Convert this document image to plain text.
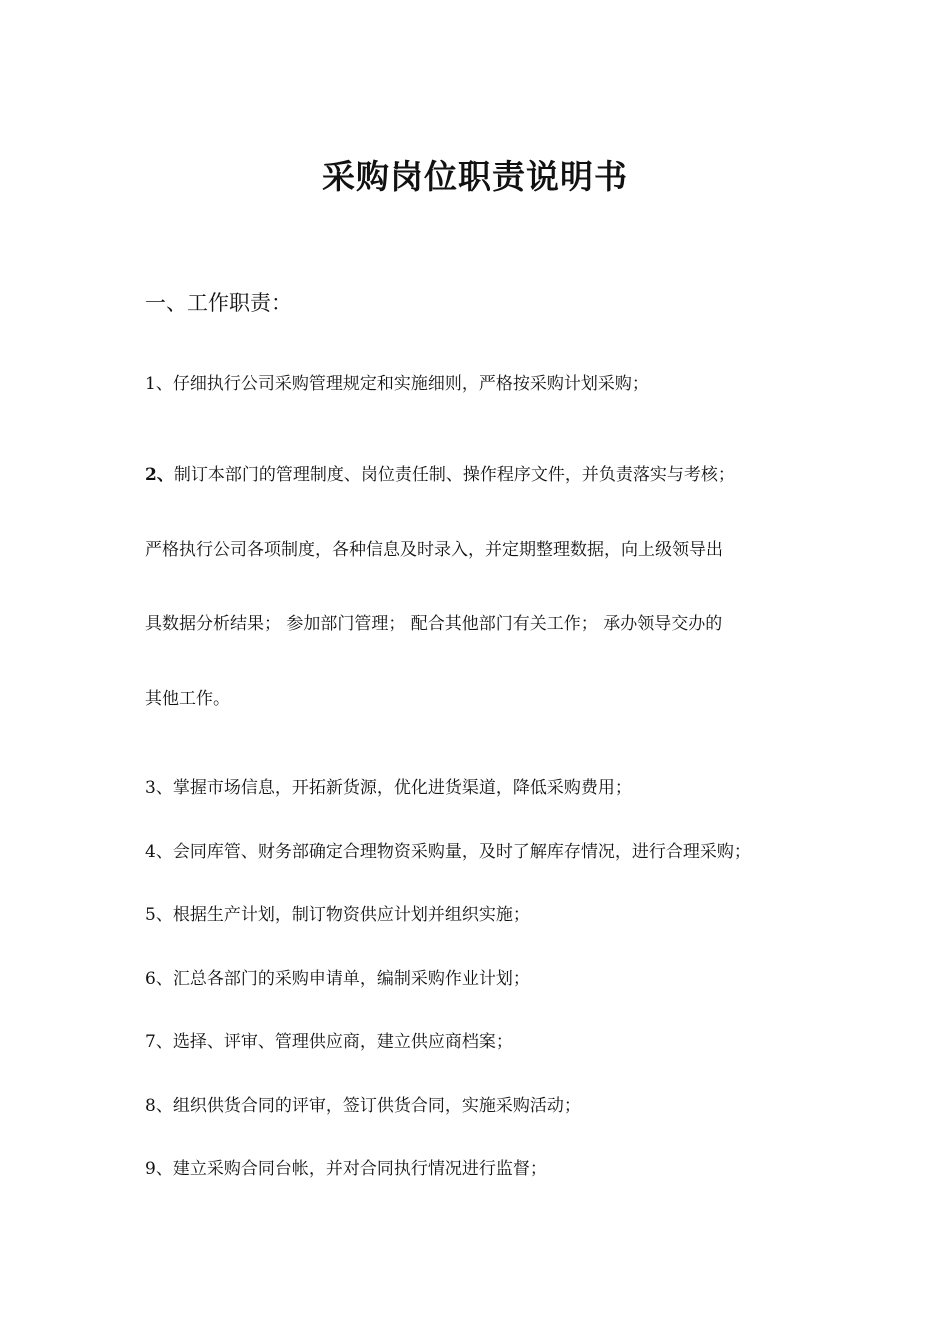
采购岗位职责说明书
一、工作职责：
1、仔细执行公司采购管理规定和实施细则，严格按采购计划采购；
2、制订本部门的管理制度、岗位责任制、操作程序文件，并负责落实与考核；
严格执行公司各项制度，各种信息及时录入，并定期整理数据，向上级领导出
具数据分析结果； 参加部门管理； 配合其他部门有关工作； 承办领导交办的
其他工作。
3、掌握市场信息，开拓新货源，优化进货渠道，降低采购费用；
4、会同库管、财务部确定合理物资采购量，及时了解库存情况，进行合理采购；
5、根据生产计划，制订物资供应计划并组织实施；
6、汇总各部门的采购申请单，编制采购作业计划；
7、选择、评审、管理供应商，建立供应商档案；
8、组织供货合同的评审，签订供货合同，实施采购活动；
9、建立采购合同台帐，并对合同执行情况进行监督；
